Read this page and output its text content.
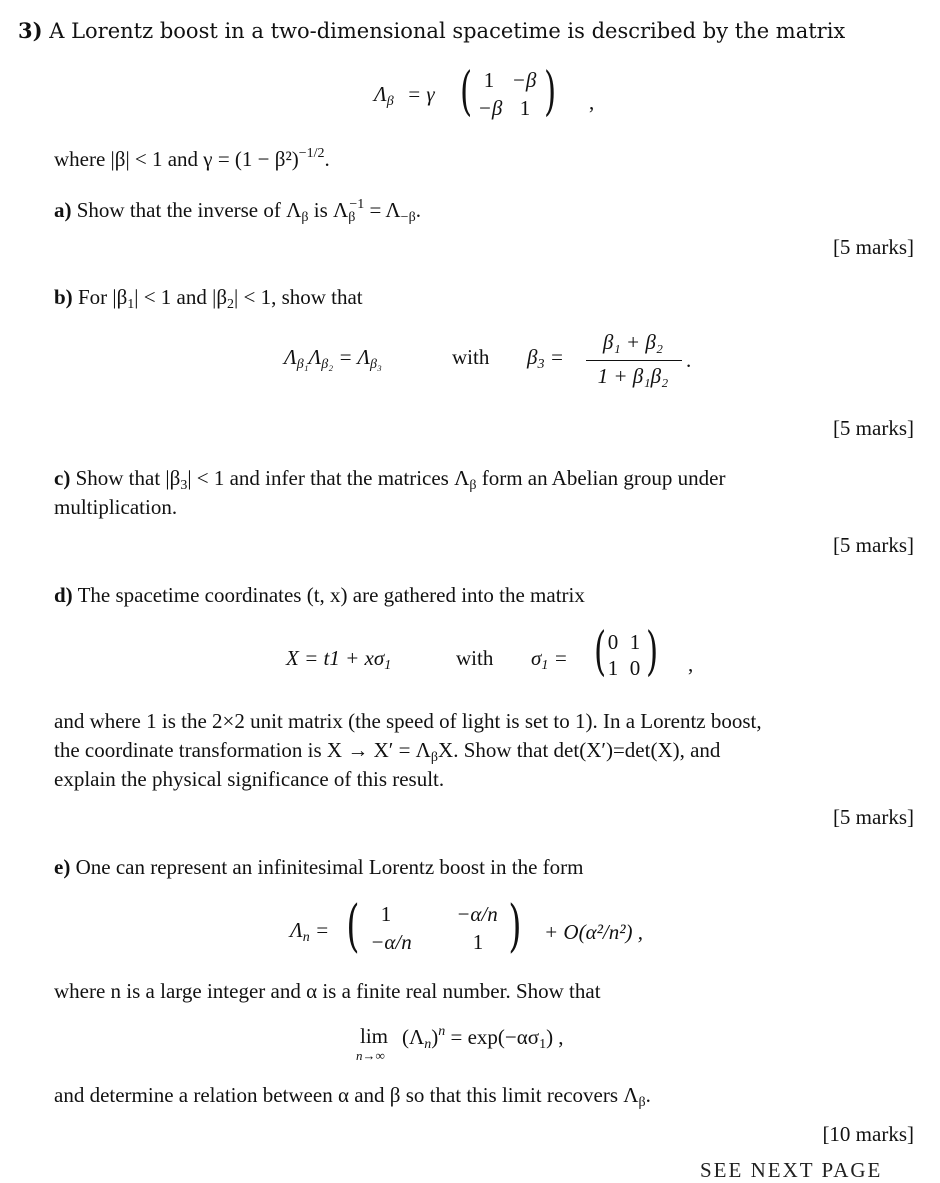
3) A Lorentz boost in a two-dimensional spacetime is described by the matrix
$\Lambda_\beta = \gamma$ ( 1 −β
−β 1 ) ,
where |β| < 1 and $\gamma = (1 - \beta^2)^{-1/2}$.
a) Show that the inverse of $\Lambda_\beta$ is $\Lambda_\beta^{-1} = \Lambda_{-\beta}$.
[5 marks]
b) For $|\beta_1| < 1$ and $|\beta_2| < 1$, show that
$\Lambda_{\beta_1}\Lambda_{\beta_2} = \Lambda_{\beta_3}$	with $\beta_3$ =
β₁ + β₂
1 + β₁β₂
.
[5 marks]
c) Show that $|\beta_3| < 1$ and infer that the matrices $\Lambda_\beta$ form an Abelian group under
multiplication.
[5 marks]
d) The spacetime coordinates (t, x) are gathered into the matrix
$X = t1 + x\sigma_1$	with $\sigma_1$ = ( 0 1
1 0 ) ,
and where 1 is the 2×2 unit matrix (the speed of light is set to 1). In a Lorentz boost,
the coordinate transformation is $X \to X' = \Lambda_\beta X$. Show that det(X′)=det(X), and
explain the physical significance of this result.
[5 marks]
e) One can represent an infinitesimal Lorentz boost in the form
$\Lambda_n$ = (	1	−α/n
−α/n	1 ) + O(α²/n²) ,
where n is a large integer and α is a finite real number. Show that
lim
n→∞
$(\Lambda_n)^n = \exp(-\alpha\sigma_1)$ ,
and determine a relation between α and β so that this limit recovers $\Lambda_\beta$.
[10 marks]
SEE NEXT PAGE
